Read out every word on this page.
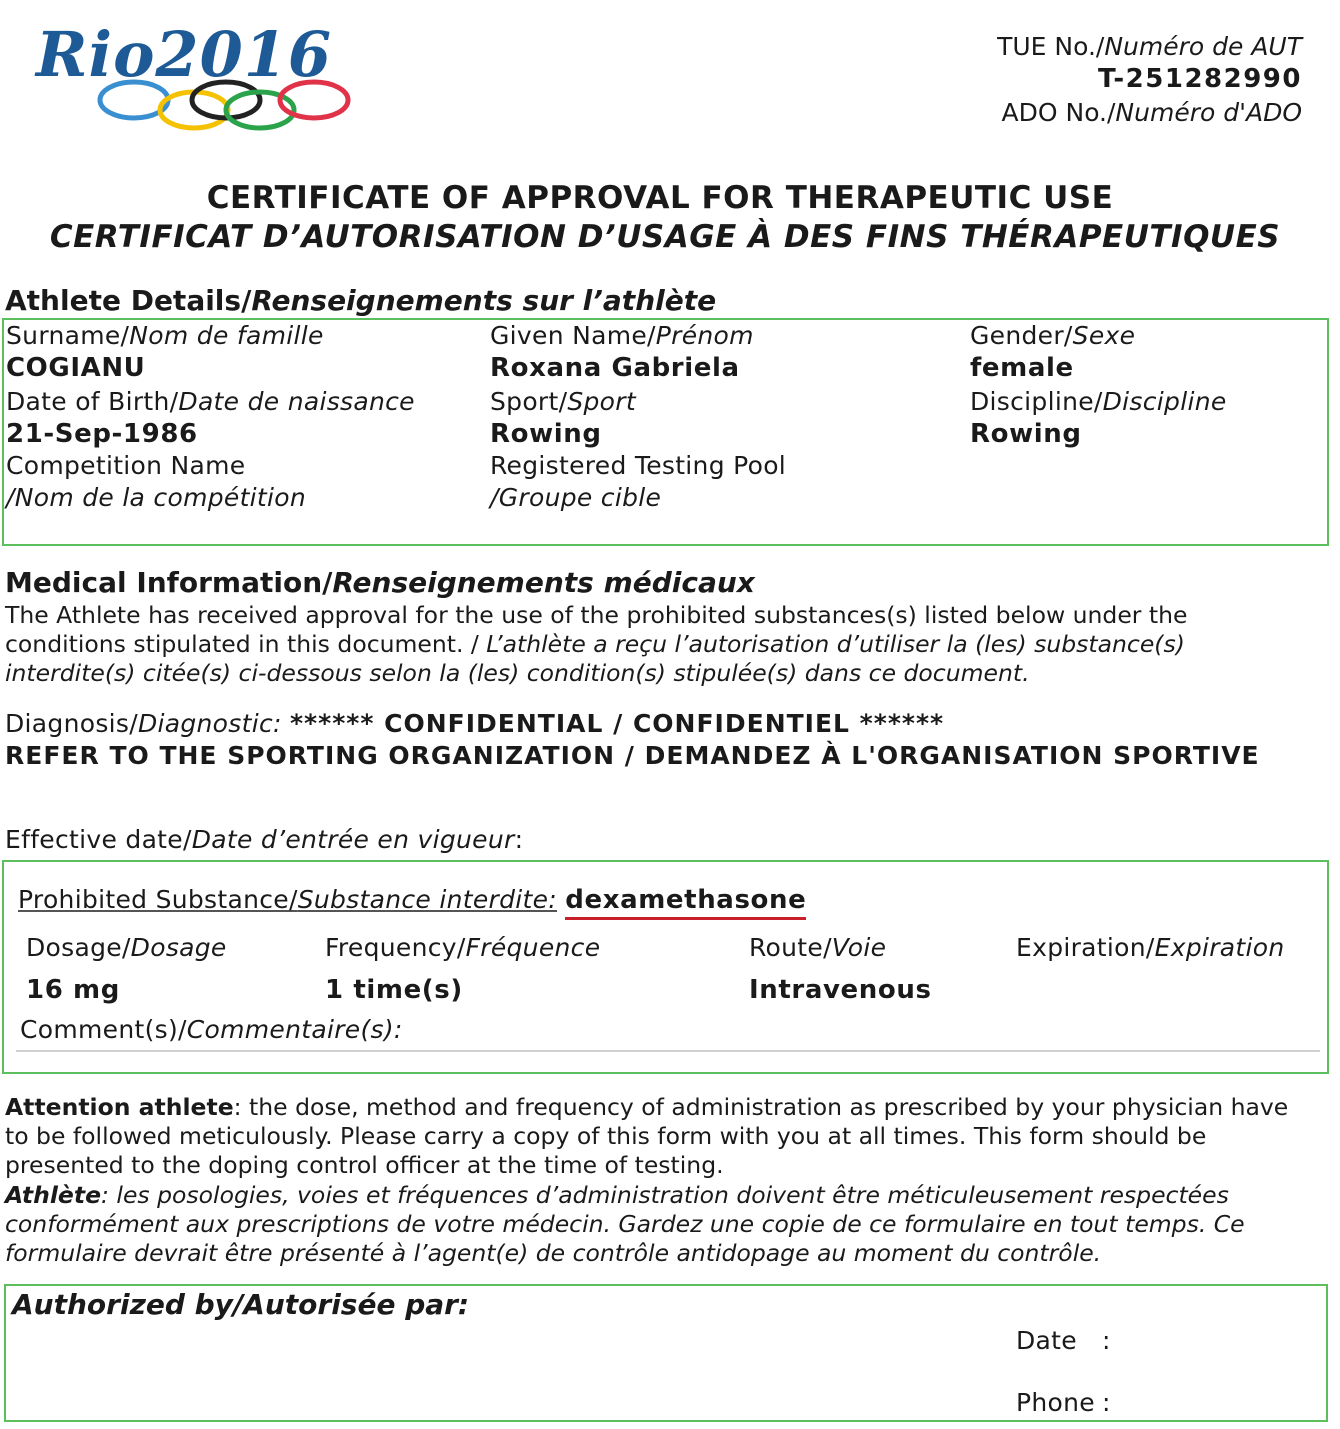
Rio2016	TUE No./Numéro de AUT
T-251282990
ADO No./Numéro d'ADO
CERTIFICATE OF APPROVAL FOR THERAPEUTIC USE
CERTIFICAT D’AUTORISATION D’USAGE À DES FINS THÉRAPEUTIQUES
Athlete Details/Renseignements sur l’athlète
Surname/Nom de famille
COGIANU
Date of Birth/Date de naissance
21-Sep-1986
Competition Name
/Nom de la compétition
Given Name/Prénom
Roxana Gabriela
Sport/Sport
Rowing
Registered Testing Pool
/Groupe cible
Gender/Sexe
female
Discipline/Discipline
Rowing
Medical Information/Renseignements médicaux
The Athlete has received approval for the use of the prohibited substances(s) listed below under the
conditions stipulated in this document. / L’athlète a reçu l’autorisation d’utiliser la (les) substance(s)
interdite(s) citée(s) ci-dessous selon la (les) condition(s) stipulée(s) dans ce document.
Diagnosis/Diagnostic: ****** CONFIDENTIAL / CONFIDENTIEL ******
REFER TO THE SPORTING ORGANIZATION / DEMANDEZ À L'ORGANISATION SPORTIVE
Effective date/Date d’entrée en vigueur:
Prohibited Substance/Substance interdite: dexamethasone
Dosage/Dosage
16 mg
Frequency/Fréquence
1 time(s)
Route/Voie
Intravenous
Expiration/Expiration
Comment(s)/Commentaire(s):
Attention athlete: the dose, method and frequency of administration as prescribed by your physician have
to be followed meticulously. Please carry a copy of this form with you at all times. This form should be
presented to the doping control officer at the time of testing.
Athlète: les posologies, voies et fréquences d’administration doivent être méticuleusement respectées
conformément aux prescriptions de votre médecin. Gardez une copie de ce formulaire en tout temps. Ce
formulaire devrait être présenté à l’agent(e) de contrôle antidopage au moment du contrôle.
Authorized by/Autorisée par:
Date :
Phone :
